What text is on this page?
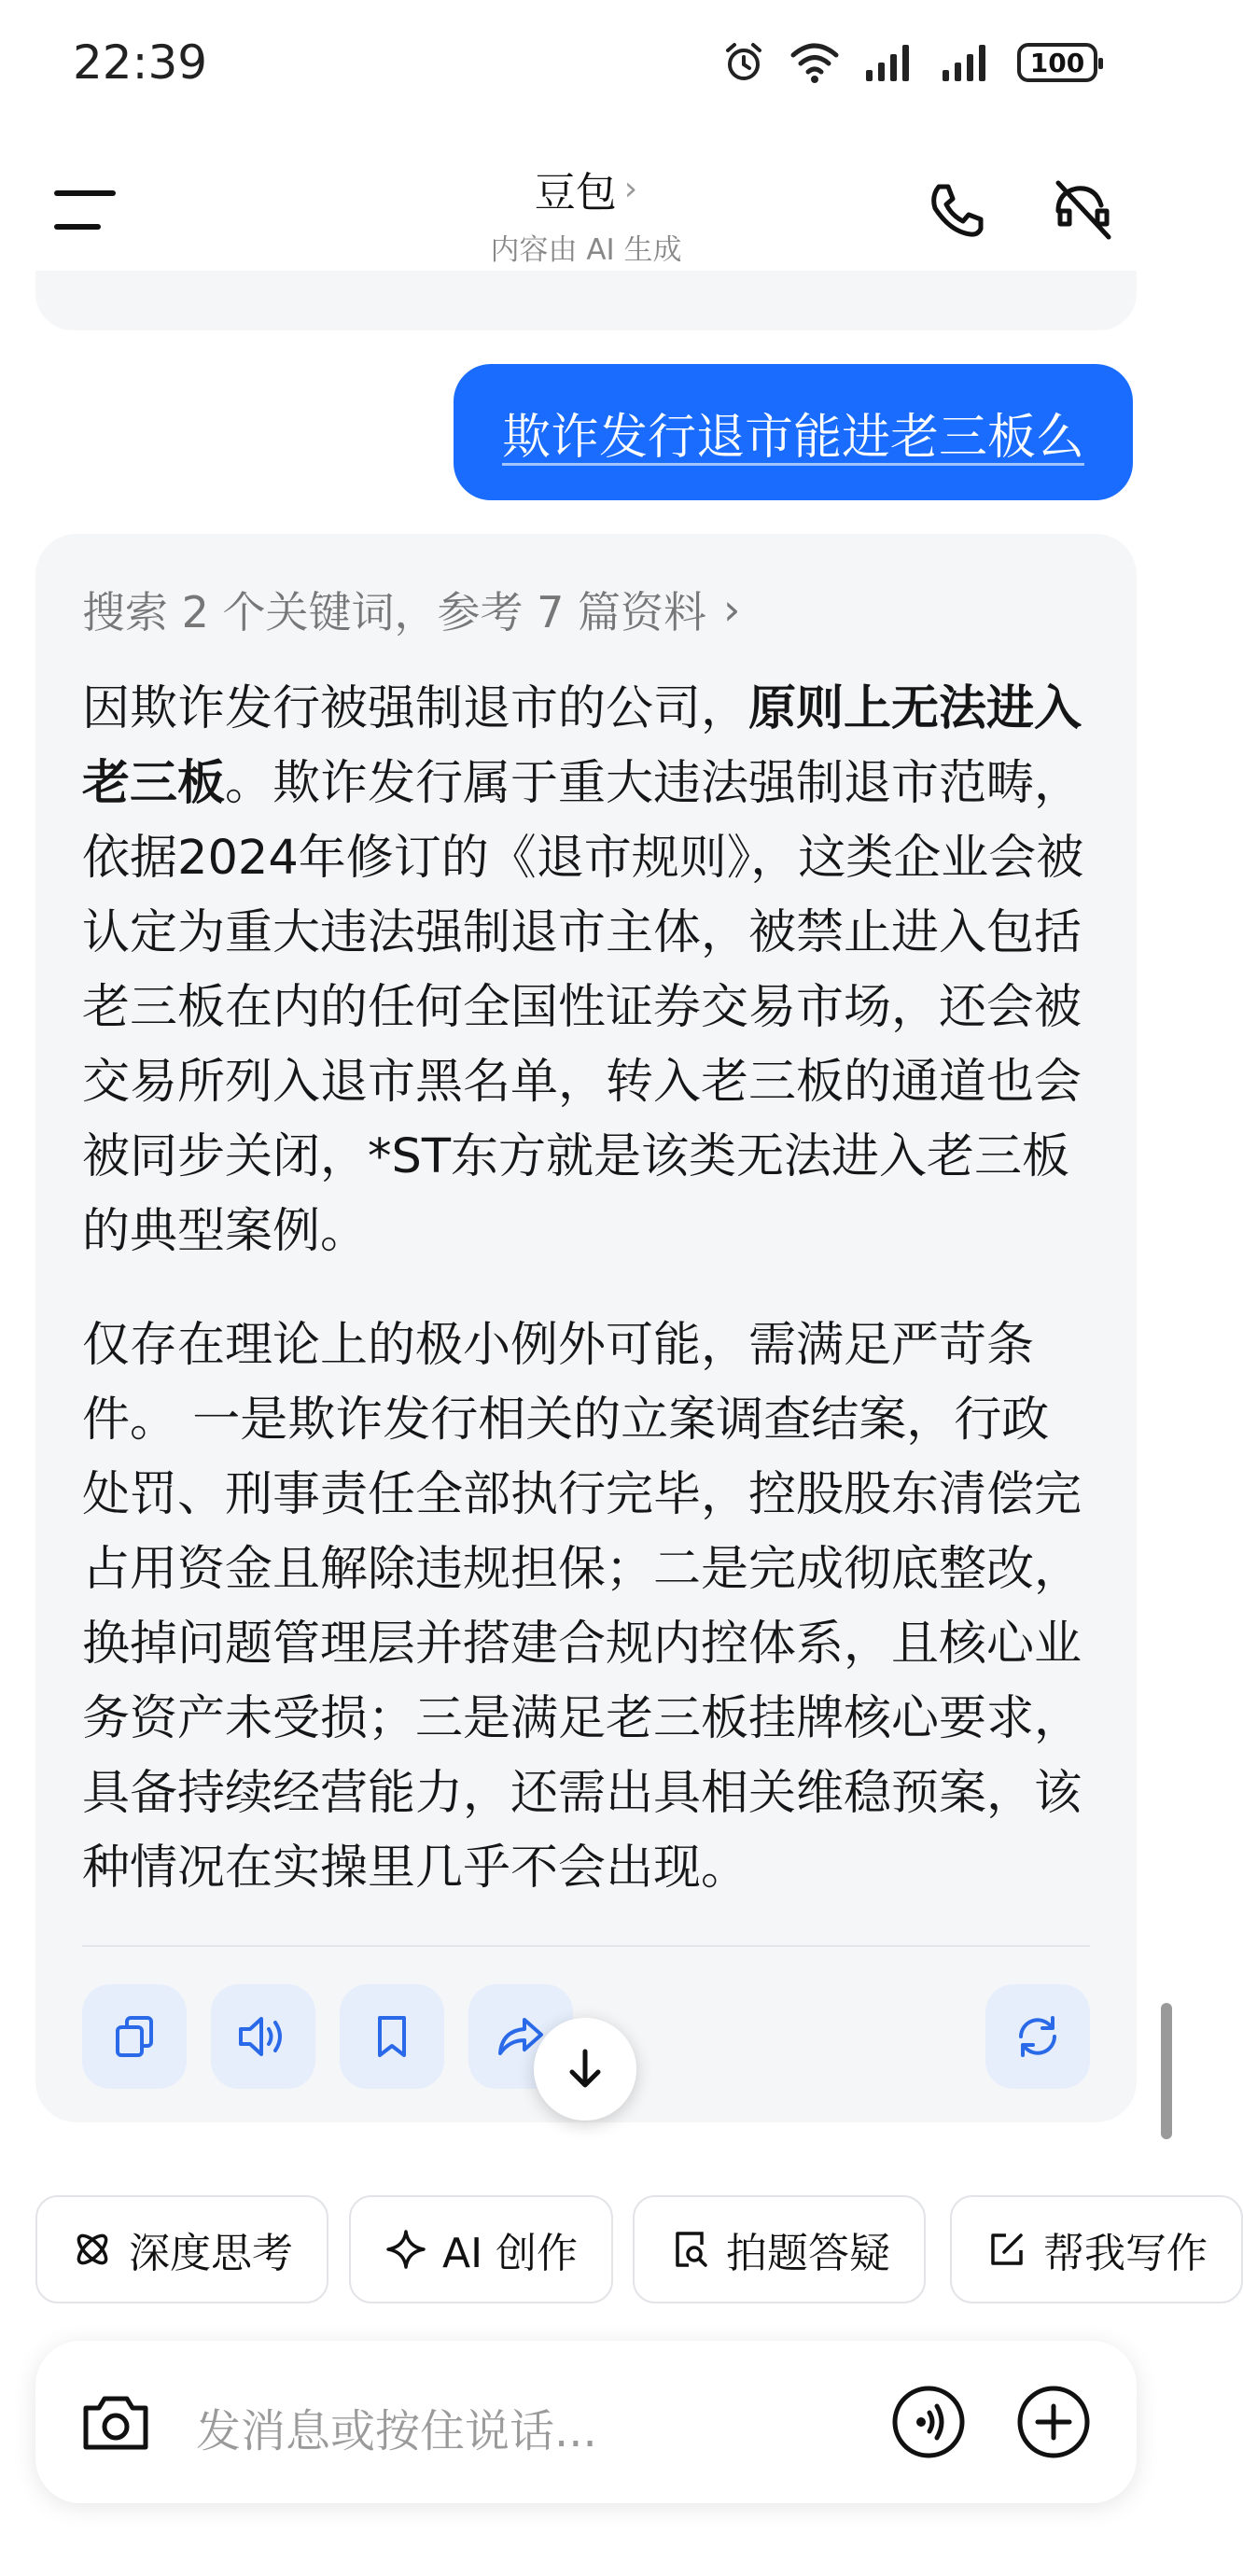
22:39	100
豆包 ›
内容由 AI 生成
欺诈发行退市能进老三板么
搜索 2 个关键词，参考 7 篇资料 ›
因欺诈发行被强制退市的公司，原则上无法进入老三板。欺诈发行属于重大违法强制退市范畴，依据2024年修订的《退市规则》，这类企业会被认定为重大违法强制退市主体，被禁止进入包括老三板在内的任何全国性证券交易市场，还会被交易所列入退市黑名单，转入老三板的通道也会被同步关闭，*ST东方就是该类无法进入老三板的典型案例。
仅存在理论上的极小例外可能，需满足严苛条件。 一是欺诈发行相关的立案调查结案，行政处罚、刑事责任全部执行完毕，控股股东清偿完占用资金且解除违规担保；二是完成彻底整改，换掉问题管理层并搭建合规内控体系，且核心业务资产未受损；三是满足老三板挂牌核心要求，具备持续经营能力，还需出具相关维稳预案，该种情况在实操里几乎不会出现。
深度思考	AI 创作	拍题答疑	帮我写作
发消息或按住说话...
